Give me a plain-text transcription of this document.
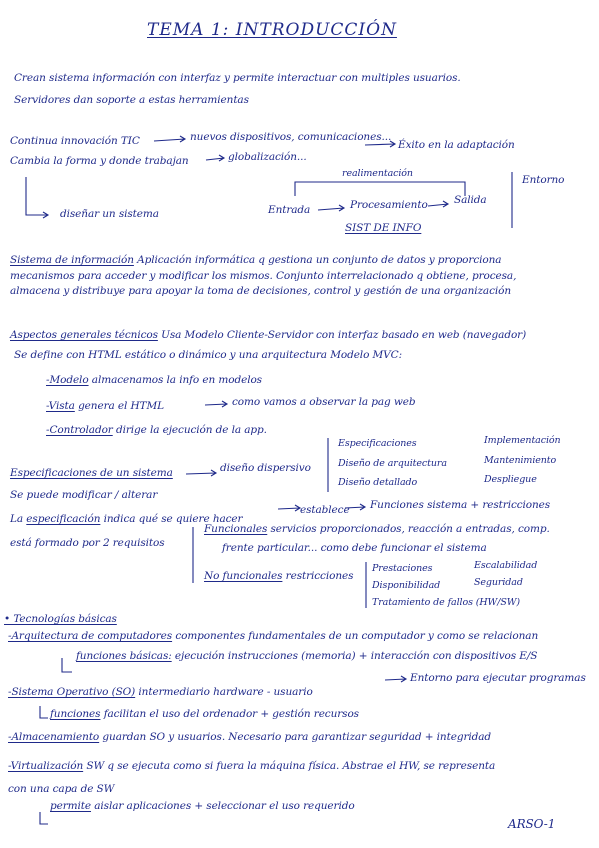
TEMA 1: INTRODUCCIÓN
Crean sistema información con interfaz y permite interactuar con multiples usuarios.
Servidores dan soporte a estas herramientas
Continua innovación TIC	nuevos dispositivos, comunicaciones...
Éxito en la adaptación
Cambia la forma y donde trabajan	globalización...
realimentación
Entorno
diseñar un sistema	Entrada	Procesamiento	Salida
SIST DE INFO
Sistema de información Aplicación informática q gestiona un conjunto de datos y proporciona
mecanismos para acceder y modificar los mismos. Conjunto interrelacionado q obtiene, procesa,
almacena y distribuye para apoyar la toma de decisiones, control y gestión de una organización
Aspectos generales técnicos Usa Modelo Cliente-Servidor con interfaz basado en web (navegador)
Se define con HTML estático o dinámico y una arquitectura Modelo MVC:
-Modelo almacenamos la info en modelos
-Vista genera el HTML	como vamos a observar la pag web
-Controlador dirige la ejecución de la app.
Especificaciones de un sistema	diseño dispersivo
Especificaciones
Diseño de arquitectura
Diseño detallado
Implementación
Mantenimiento
Despliegue
Se puede modificar / alterar
La especificación indica qué se quiere hacer
establece Funciones sistema + restricciones
está formado por 2 requisitos
Funcionales servicios proporcionados, reacción a entradas, comp.
frente particular... como debe funcionar el sistema
No funcionales restricciones
Prestaciones
Disponibilidad
Tratamiento de fallos (HW/SW)
Escalabilidad
Seguridad
• Tecnologías básicas
-Arquitectura de computadores componentes fundamentales de un computador y como se relacionan
funciones básicas: ejecución instrucciones (memoria) + interacción con dispositivos E/S
-Sistema Operativo (SO) intermediario hardware - usuario
Entorno para ejecutar programas
funciones facilitan el uso del ordenador + gestión recursos
-Almacenamiento guardan SO y usuarios. Necesario para garantizar seguridad + integridad
-Virtualización SW q se ejecuta como si fuera la máquina física. Abstrae el HW, se representa
con una capa de SW
permite aislar aplicaciones + seleccionar el uso requerido
ARSO-1
